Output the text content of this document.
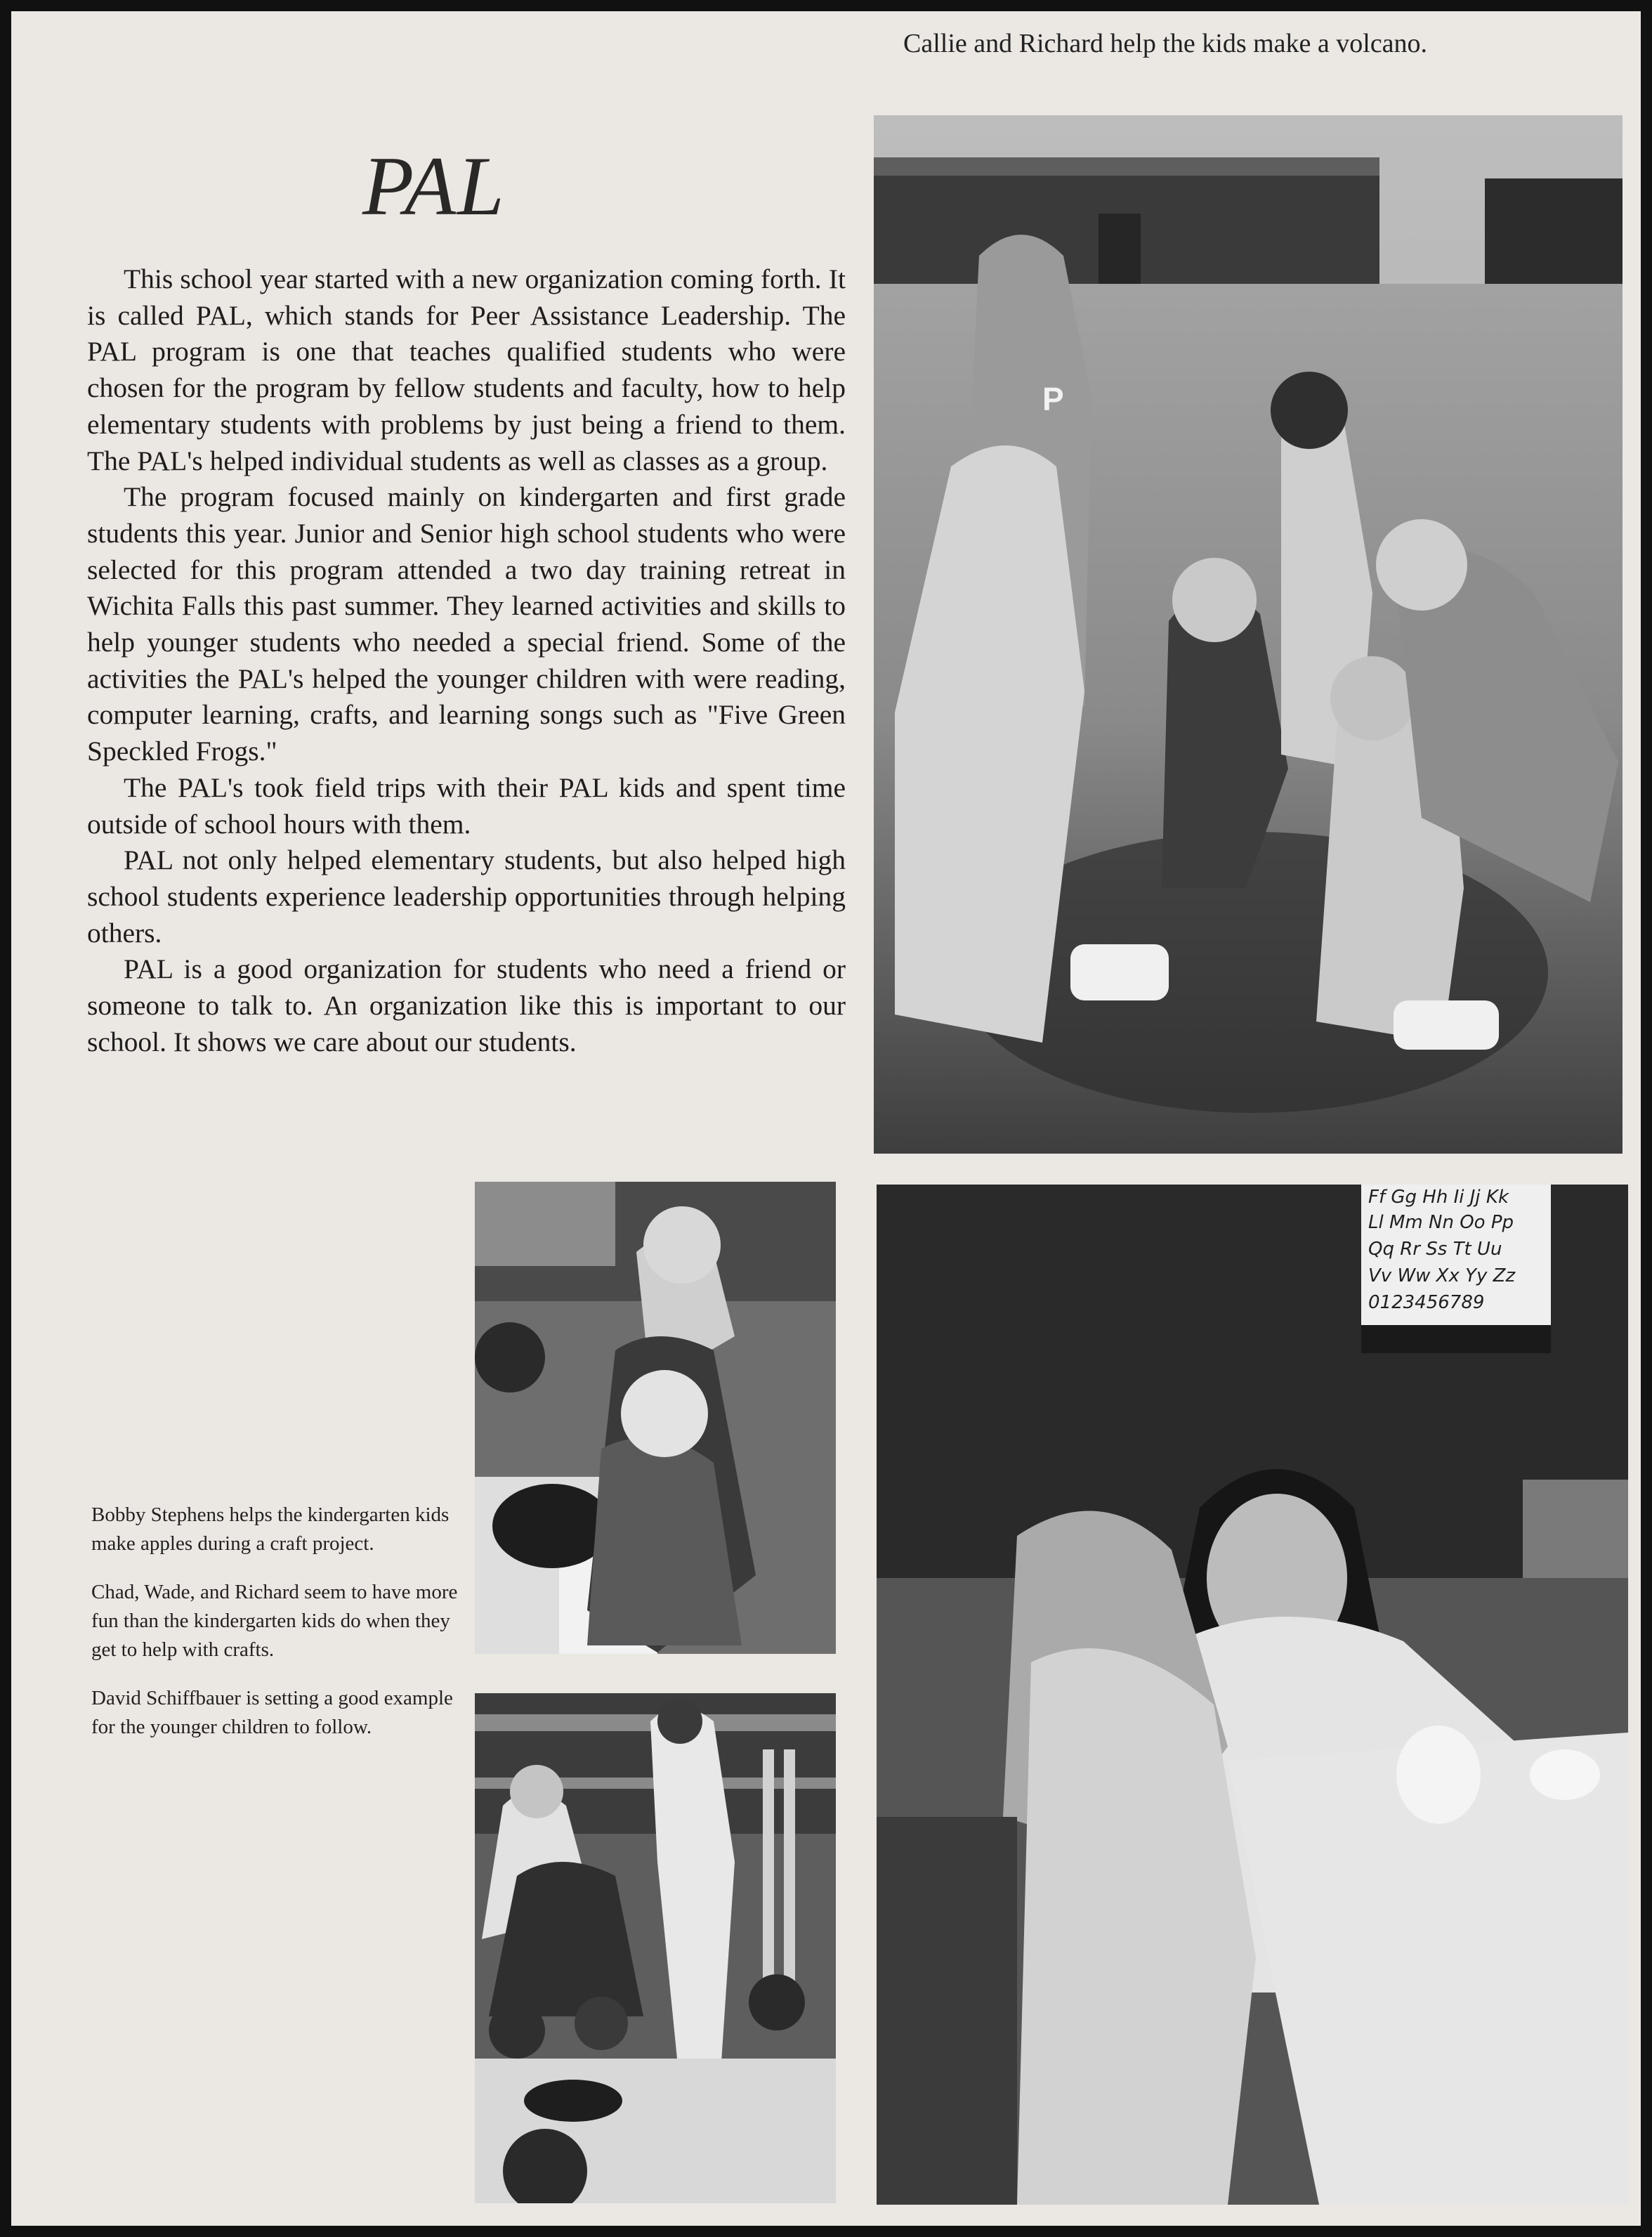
Callie and Richard help the kids make a volcano.
PAL

This school year started with a new organization coming forth. It is called PAL, which stands for Peer Assistance Leadership. The PAL program is one that teaches qualified students who were chosen for the program by fellow students and faculty, how to help elementary students with problems by just being a friend to them. The PAL's helped individual students as well as classes as a group.

The program focused mainly on kindergarten and first grade students this year. Junior and Senior high school students who were selected for this program attended a two day training retreat in Wichita Falls this past summer. They learned activities and skills to help younger students who needed a special friend. Some of the activities the PAL's helped the younger children with were reading, computer learning, crafts, and learning songs such as "Five Green Speckled Frogs."

The PAL's took field trips with their PAL kids and spent time outside of school hours with them.

PAL not only helped elementary students, but also helped high school students experience leadership opportunities through helping others.

PAL is a good organization for students who need a friend or someone to talk to. An organization like this is important to our school. It shows we care about our students.

P
Ff Gg Hh Ii Jj Kk
Ll Mm Nn Oo Pp
Qq Rr Ss Tt Uu
Vv Ww Xx Yy Zz
0123456789

Bobby Stephens helps the kindergarten kids make apples during a craft project.

Chad, Wade, and Richard seem to have more fun than the kindergarten kids do when they get to help with crafts.

David Schiffbauer is setting a good example for the younger children to follow.
